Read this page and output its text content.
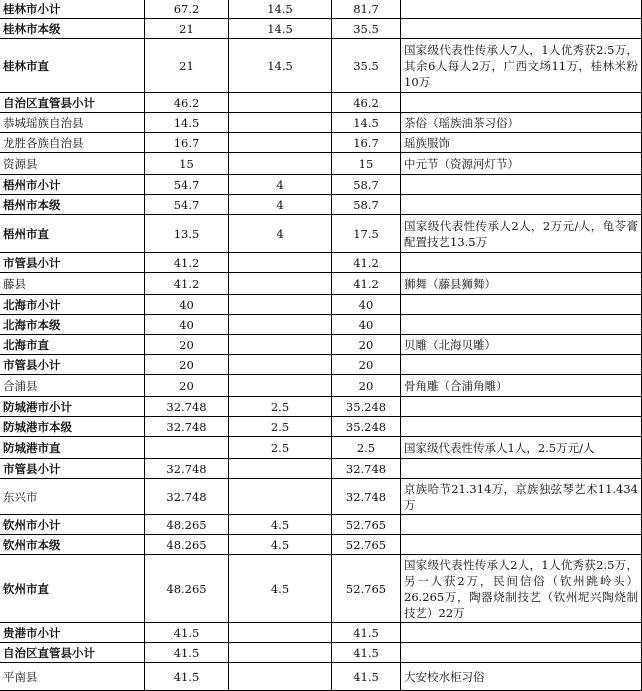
桂林市小计	67.2	14.5	81.7	
桂林市本级	21	14.5	35.5	
桂林市直	21	14.5	35.5	国家级代表性传承人7人，1人优秀获2.5万，其余6人每人2万，广西文场11万，桂林米粉10万
自治区直管县小计	46.2		46.2	
恭城瑶族自治县	14.5		14.5	茶俗（瑶族油茶习俗）
龙胜各族自治县	16.7		16.7	瑶族服饰
资源县	15		15	中元节（资源河灯节）
梧州市小计	54.7	4	58.7	
梧州市本级	54.7	4	58.7	
梧州市直	13.5	4	17.5	国家级代表性传承人2人，2万元/人，龟苓膏配置技艺13.5万
市管县小计	41.2		41.2	
藤县	41.2		41.2	狮舞（藤县狮舞）
北海市小计	40		40	
北海市本级	40		40	
北海市直	20		20	贝雕（北海贝雕）
市管县小计	20		20	
合浦县	20		20	骨角雕（合浦角雕）
防城港市小计	32.748	2.5	35.248	
防城港市本级	32.748	2.5	35.248	
防城港市直		2.5	2.5	国家级代表性传承人1人，2.5万元/人
市管县小计	32.748		32.748	
东兴市	32.748		32.748	京族哈节21.314万，京族独弦琴艺术11.434万
钦州市小计	48.265	4.5	52.765	
钦州市本级	48.265	4.5	52.765	
钦州市直	48.265	4.5	52.765	国家级代表性传承人2人，1人优秀获2.5万，另一人获2万，民间信俗（钦州跳岭头）26.265万，陶器烧制技艺（钦州坭兴陶烧制技艺）22万
贵港市小计	41.5		41.5	
自治区直管县小计	41.5		41.5	
平南县	41.5		41.5	大安校水柜习俗
